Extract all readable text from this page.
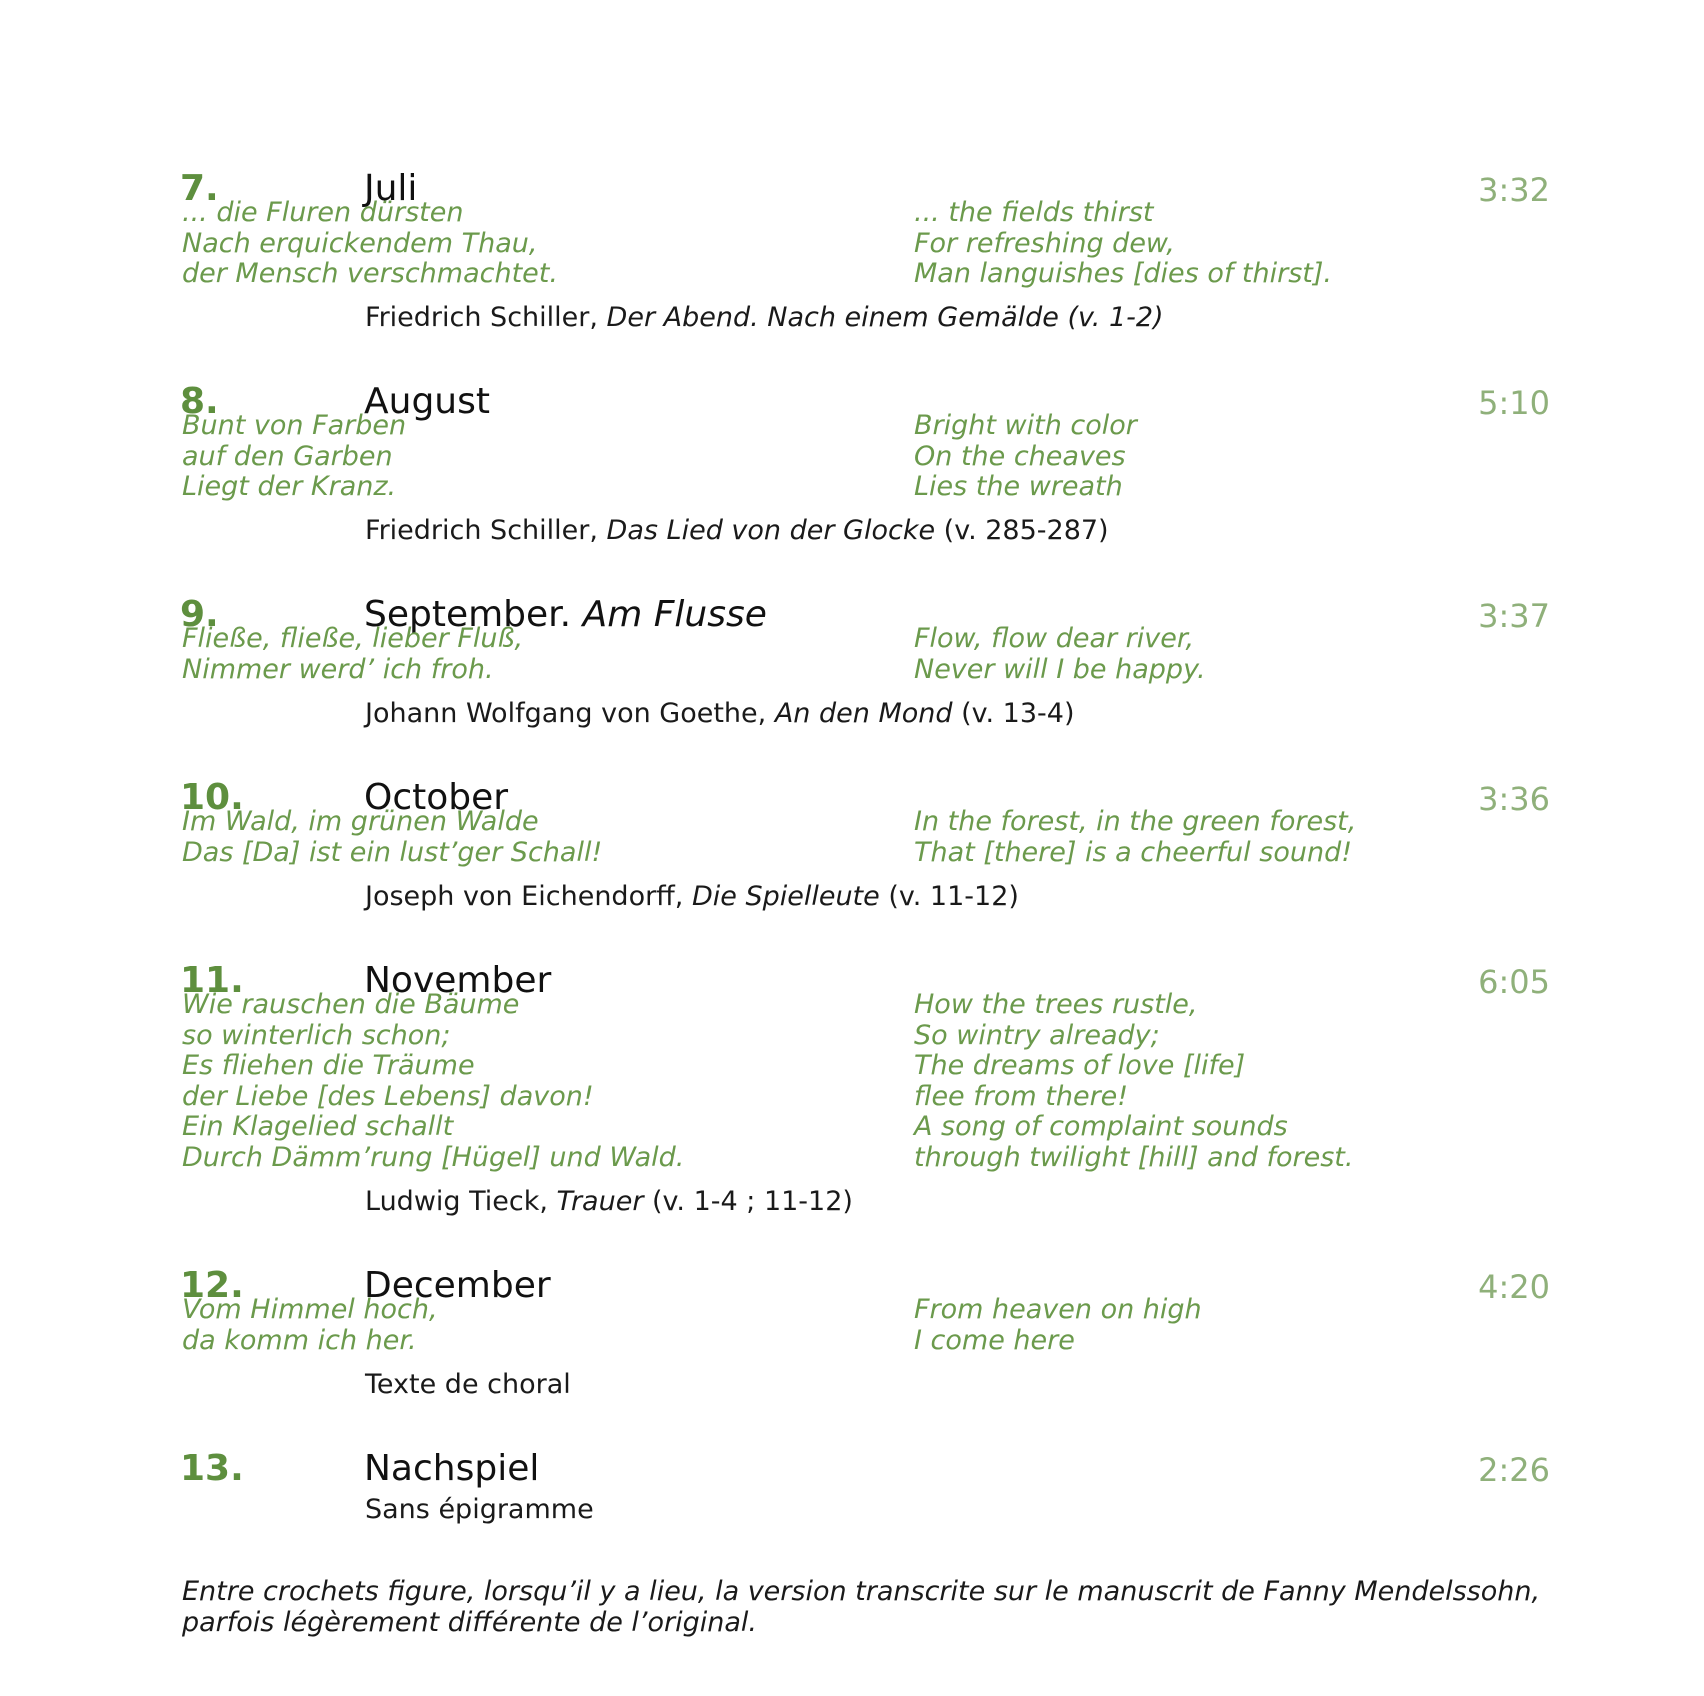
7.	Juli	3:32
... die Fluren dürsten
Nach erquickendem Thau,
der Mensch verschmachtet.
... the fields thirst
For refreshing dew,
Man languishes [dies of thirst].
Friedrich Schiller, Der Abend. Nach einem Gemälde (v. 1-2)
8.	August	5:10
Bunt von Farben
auf den Garben
Liegt der Kranz.
Bright with color
On the cheaves
Lies the wreath
Friedrich Schiller, Das Lied von der Glocke (v. 285-287)
9.	September. Am Flusse	3:37
Fließe, fließe, lieber Fluß,
Nimmer werd’ ich froh.
Flow, flow dear river,
Never will I be happy.
Johann Wolfgang von Goethe, An den Mond (v. 13-4)
10.	October	3:36
Im Wald, im grünen Walde
Das [Da] ist ein lust’ger Schall!
In the forest, in the green forest,
That [there] is a cheerful sound!
Joseph von Eichendorff, Die Spielleute (v. 11-12)
11.	November	6:05
Wie rauschen die Bäume
so winterlich schon;
Es fliehen die Träume
der Liebe [des Lebens] davon!
Ein Klagelied schallt
Durch Dämm’rung [Hügel] und Wald.
How the trees rustle,
So wintry already;
The dreams of love [life]
flee from there!
A song of complaint sounds
through twilight [hill] and forest.
Ludwig Tieck, Trauer (v. 1-4 ; 11-12)
12.	December	4:20
Vom Himmel hoch,
da komm ich her.
From heaven on high
I come here
Texte de choral
13.	Nachspiel	2:26
Sans épigramme

Entre crochets figure, lorsqu’il y a lieu, la version transcrite sur le manuscrit de Fanny Mendelssohn, parfois légèrement différente de l’original.
